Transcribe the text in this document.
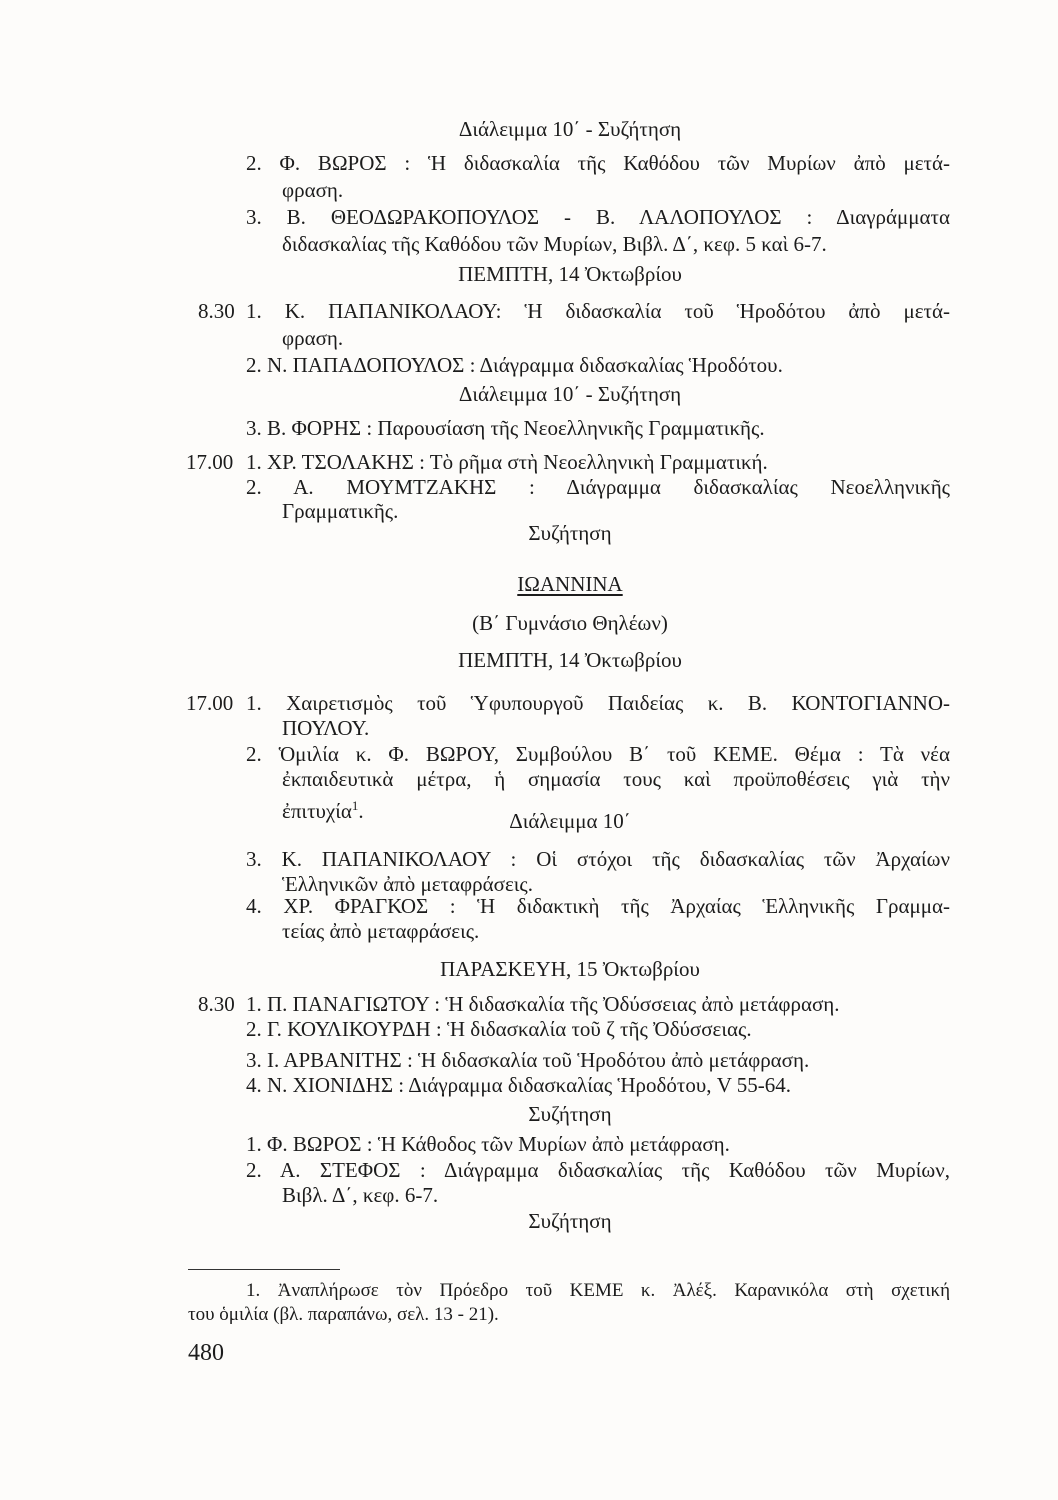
Διάλειμμα 10΄ - Συζήτηση
2. Φ. ΒΩΡΟΣ : Ἡ διδασκαλία τῆς Καθόδου τῶν Μυρίων ἀπὸ μετά-
φραση.
3. Β. ΘΕΟΔΩΡΑΚΟΠΟΥΛΟΣ - Β. ΛΑΛΟΠΟΥΛΟΣ : Διαγράμματα
διδασκαλίας τῆς Καθόδου τῶν Μυρίων, Βιβλ. Δ΄, κεφ. 5 καὶ 6-7.
ΠΕΜΠΤΗ, 14 Ὀκτωβρίου
8.30 1. Κ. ΠΑΠΑΝΙΚΟΛΑΟΥ: Ἡ διδασκαλία τοῦ Ἡροδότου ἀπὸ μετά-
φραση.
2. Ν. ΠΑΠΑΔΟΠΟΥΛΟΣ : Διάγραμμα διδασκαλίας Ἡροδότου.
Διάλειμμα 10΄ - Συζήτηση
3. Β. ΦΟΡΗΣ : Παρουσίαση τῆς Νεοελληνικῆς Γραμματικῆς.
17.00 1. ΧΡ. ΤΣΟΛΑΚΗΣ : Τὸ ρῆμα στὴ Νεοελληνικὴ Γραμματική.
2. Α. ΜΟΥΜΤΖΑΚΗΣ : Διάγραμμα διδασκαλίας Νεοελληνικῆς
Γραμματικῆς.
Συζήτηση
ΙΩΑΝΝΙΝΑ
(Β΄ Γυμνάσιο Θηλέων)
ΠΕΜΠΤΗ, 14 Ὀκτωβρίου
17.00 1. Χαιρετισμὸς τοῦ Ὑφυπουργοῦ Παιδείας κ. Β. ΚΟΝΤΟΓΙΑΝΝΟ-
ΠΟΥΛΟΥ.
2. Ὁμιλία κ. Φ. ΒΩΡΟΥ, Συμβούλου Β΄ τοῦ ΚΕΜΕ. Θέμα : Τὰ νέα
ἐκπαιδευτικὰ μέτρα, ἡ σημασία τους καὶ προϋποθέσεις γιὰ τὴν
ἐπιτυχία$^1$.	Διάλειμμα 10΄
3. Κ. ΠΑΠΑΝΙΚΟΛΑΟΥ : Οἱ στόχοι τῆς διδασκαλίας τῶν Ἀρχαίων
Ἑλληνικῶν ἀπὸ μεταφράσεις.
4. ΧΡ. ΦΡΑΓΚΟΣ : Ἡ διδακτικὴ τῆς Ἀρχαίας Ἑλληνικῆς Γραμμα-
τείας ἀπὸ μεταφράσεις.
ΠΑΡΑΣΚΕΥΗ, 15 Ὀκτωβρίου
8.30 1. Π. ΠΑΝΑΓΙΩΤΟΥ : Ἡ διδασκαλία τῆς Ὀδύσσειας ἀπὸ μετάφραση.
2. Γ. ΚΟΥΛΙΚΟΥΡΔΗ : Ἡ διδασκαλία τοῦ ζ τῆς Ὀδύσσειας.
3. Ι. ΑΡΒΑΝΙΤΗΣ : Ἡ διδασκαλία τοῦ Ἡροδότου ἀπὸ μετάφραση.
4. Ν. ΧΙΟΝΙΔΗΣ : Διάγραμμα διδασκαλίας Ἡροδότου, V 55-64.
Συζήτηση
1. Φ. ΒΩΡΟΣ : Ἡ Κάθοδος τῶν Μυρίων ἀπὸ μετάφραση.
2. Α. ΣΤΕΦΟΣ : Διάγραμμα διδασκαλίας τῆς Καθόδου τῶν Μυρίων,
Βιβλ. Δ΄, κεφ. 6-7.
Συζήτηση
1. Ἀναπλήρωσε τὸν Πρόεδρο τοῦ ΚΕΜΕ κ. Ἀλέξ. Καρανικόλα στὴ σχετική
του ὁμιλία (βλ. παραπάνω, σελ. 13 - 21).
480
